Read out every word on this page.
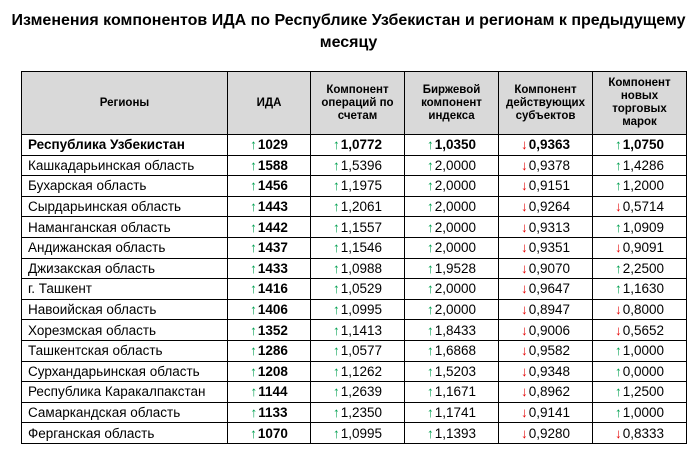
Изменения компонентов ИДА по Республике Узбекистан и регионам к предыдущему месяцу
Регионы	ИДА	Компонент операций по счетам	Биржевой компонент индекса	Компонент действующих субъектов	Компонент новых торговых марок
Республика Узбекистан	↑1029	↑1,0772	↑1,0350	↓0,9363	↑1,0750
Кашкадарьинская область	↑1588	↑1,5396	↑2,0000	↓0,9378	↑1,4286
Бухарская область	↑1456	↑1,1975	↑2,0000	↓0,9151	↑1,2000
Сырдарьинская область	↑1443	↑1,2061	↑2,0000	↓0,9264	↓0,5714
Наманганская область	↑1442	↑1,1557	↑2,0000	↓0,9313	↑1,0909
Андижанская область	↑1437	↑1,1546	↑2,0000	↓0,9351	↓0,9091
Джизакская область	↑1433	↑1,0988	↑1,9528	↓0,9070	↑2,2500
г. Ташкент	↑1416	↑1,0529	↑2,0000	↓0,9647	↑1,1630
Навоийская область	↑1406	↑1,0995	↑2,0000	↓0,8947	↓0,8000
Хорезмская область	↑1352	↑1,1413	↑1,8433	↓0,9006	↓0,5652
Ташкентская область	↑1286	↑1,0577	↑1,6868	↓0,9582	↑1,0000
Сурхандарьинская область	↑1208	↑1,1262	↑1,5203	↓0,9348	↑0,0000
Республика Каракалпакстан	↑1144	↑1,2639	↑1,1671	↓0,8962	↑1,2500
Самаркандская область	↑1133	↑1,2350	↑1,1741	↓0,9141	↑1,0000
Ферганская область	↑1070	↑1,0995	↑1,1393	↓0,9280	↓0,8333
